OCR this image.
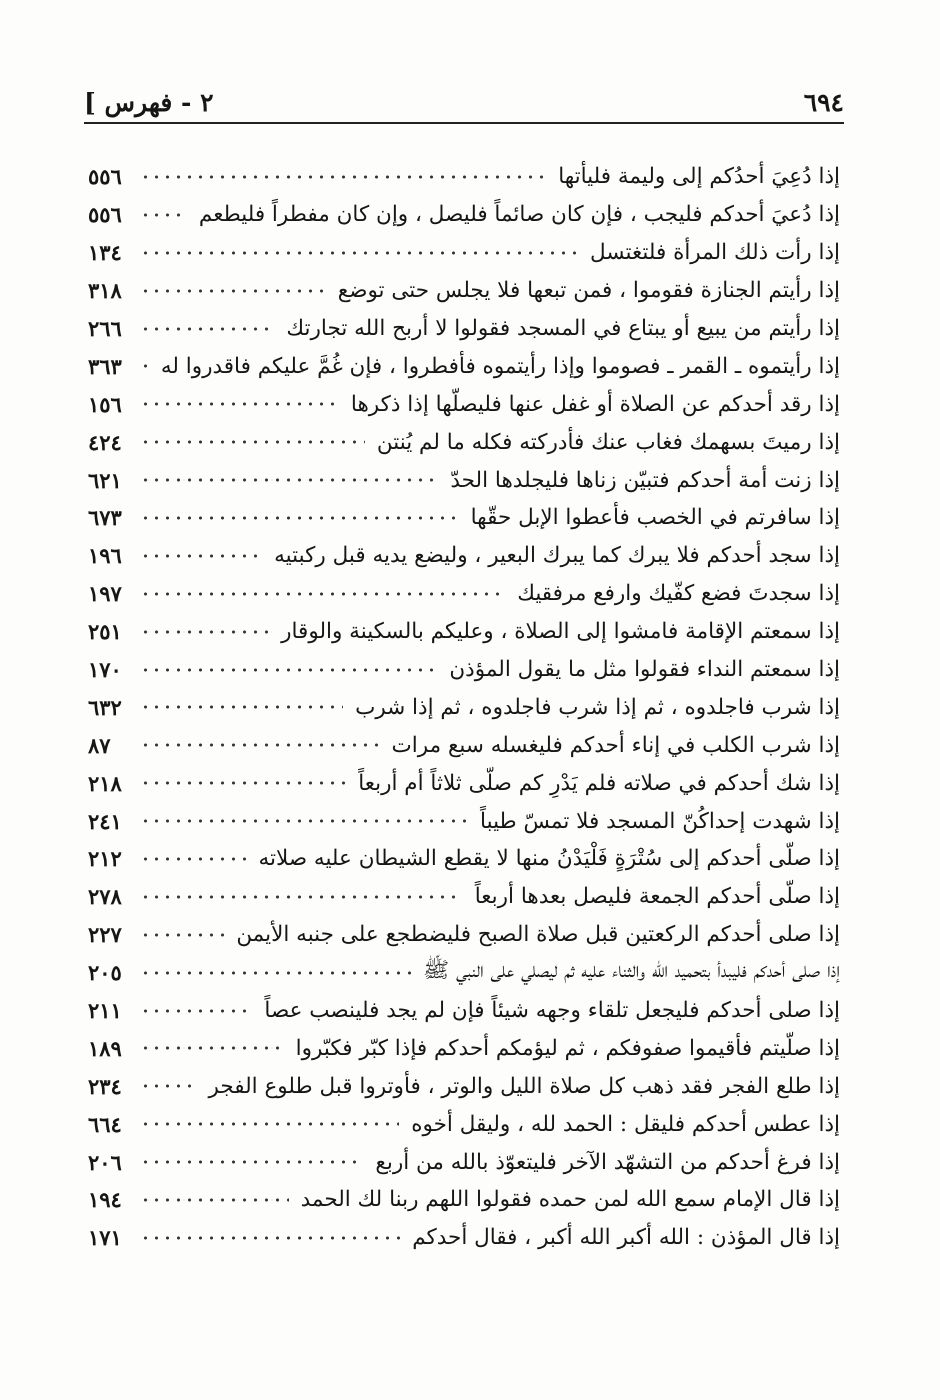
[ ٢ - فهرس	٦٩٤
إذا دُعِيَ أحدُكم إلى وليمة فليأتها
٥٥٦
إذا دُعيَ أحدكم فليجب ، فإن كان صائماً فليصل ، وإن كان مفطراً فليطعم
٥٥٦
إذا رأت ذلك المرأة فلتغتسل
١٣٤
إذا رأيتم الجنازة فقوموا ، فمن تبعها فلا يجلس حتى توضع
٣١٨
إذا رأيتم من يبيع أو يبتاع في المسجد فقولوا لا أربح الله تجارتك
٢٦٦
إذا رأيتموه ـ القمر ـ فصوموا وإذا رأيتموه فأفطروا ، فإن غُمَّ عليكم فاقدروا له
٣٦٣
إذا رقد أحدكم عن الصلاة أو غفل عنها فليصلّها إذا ذكرها
١٥٦
إذا رميتَ بسهمك فغاب عنك فأدركته فكله ما لم يُنتن
٤٢٤
إذا زنت أمة أحدكم فتبيّن زناها فليجلدها الحدّ
٦٢١
إذا سافرتم في الخصب فأعطوا الإبل حقّها
٦٧٣
إذا سجد أحدكم فلا يبرك كما يبرك البعير ، وليضع يديه قبل ركبتيه
١٩٦
إذا سجدتَ فضع كفّيك وارفع مرفقيك
١٩٧
إذا سمعتم الإقامة فامشوا إلى الصلاة ، وعليكم بالسكينة والوقار
٢٥١
إذا سمعتم النداء فقولوا مثل ما يقول المؤذن
١٧٠
إذا شرب فاجلدوه ، ثم إذا شرب فاجلدوه ، ثم إذا شرب
٦٣٢
إذا شرب الكلب في إناء أحدكم فليغسله سبع مرات
٨٧
إذا شك أحدكم في صلاته فلم يَدْرِ كم صلّى ثلاثاً أم أربعاً
٢١٨
إذا شهدت إحداكُنّ المسجد فلا تمسّ طيباً
٢٤١
إذا صلّى أحدكم إلى سُتْرَةٍ فَلْيَدْنُ منها لا يقطع الشيطان عليه صلاته
٢١٢
إذا صلّى أحدكم الجمعة فليصل بعدها أربعاً
٢٧٨
إذا صلى أحدكم الركعتين قبل صلاة الصبح فليضطجع على جنبه الأيمن
٢٢٧
إذا صلى أحدكم فليبدأ بتحميد الله والثناء عليه ثم ليصلي على النبي ﷺ
٢٠٥
إذا صلى أحدكم فليجعل تلقاء وجهه شيئاً فإن لم يجد فلينصب عصاً
٢١١
إذا صلّيتم فأقيموا صفوفكم ، ثم ليؤمكم أحدكم فإذا كبّر فكبّروا
١٨٩
إذا طلع الفجر فقد ذهب كل صلاة الليل والوتر ، فأوتروا قبل طلوع الفجر
٢٣٤
إذا عطس أحدكم فليقل : الحمد لله ، وليقل أخوه
٦٦٤
إذا فرغ أحدكم من التشهّد الآخر فليتعوّذ بالله من أربع
٢٠٦
إذا قال الإمام سمع الله لمن حمده فقولوا اللهم ربنا لك الحمد
١٩٤
إذا قال المؤذن : الله أكبر الله أكبر ، فقال أحدكم
١٧١
